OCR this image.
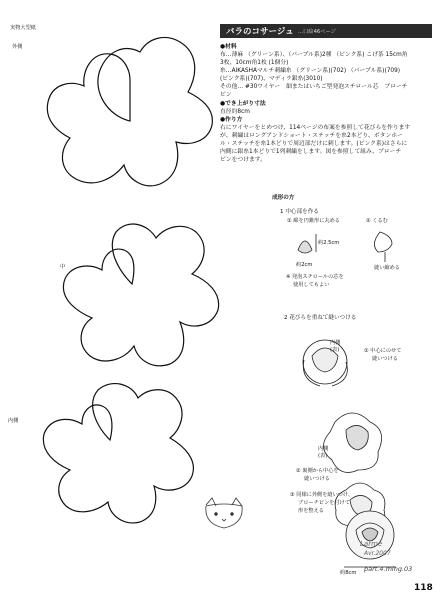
実物大型紙
外側
中
内側
バラのコサージュ …口絵46ページ
●材料
布…薄麻 （グリーン系）、（パープル系)2種 （ピンク系) こげ茶 15cm角
3枚、10cm角1枚 (1個分)
糸…AIKASHAマルチ刺繍糸 （グリーン系)(702) （パープル系)(709)
(ピンク系)(707)、マディラ銀糸(3010)
その他… #30ワイヤー　細またはいちご型発泡スチロール芯　ブローチ
ピン
●でき上がり寸法
直径約8cm
●作り方
右にワイヤーをとめつけ、114ページの布案を参照して花びらを作ります
が、刺繍はロングアンドショート・ステッチを糸2本どり、ボタンホー
ル・ステッチを糸1本どりで周辺部だけに刺します。(ピンク系)はさらに
内側に銀糸1本どりで1列刺繍をします。図を参照して組み、ブローチ
ピンをつけます。
成形の方
1 中心部を作る
① 綿を円錐形に丸める	② くるむ
約2.5cm
約2cm	縫い縮める
※ 発泡スチロールの芯を
使用してもよい
2 花びらを重ねて縫いつける
内側
(表)	① 中心にのせて
縫いつける
内側
(表)
② 裏側から中心を
縫いつける
③ 同様に外側を縫いつけ、
ブローチピンを付けて
形を整える
約8cm
Larme
Avr.2007
part.4.mlng.03
118
